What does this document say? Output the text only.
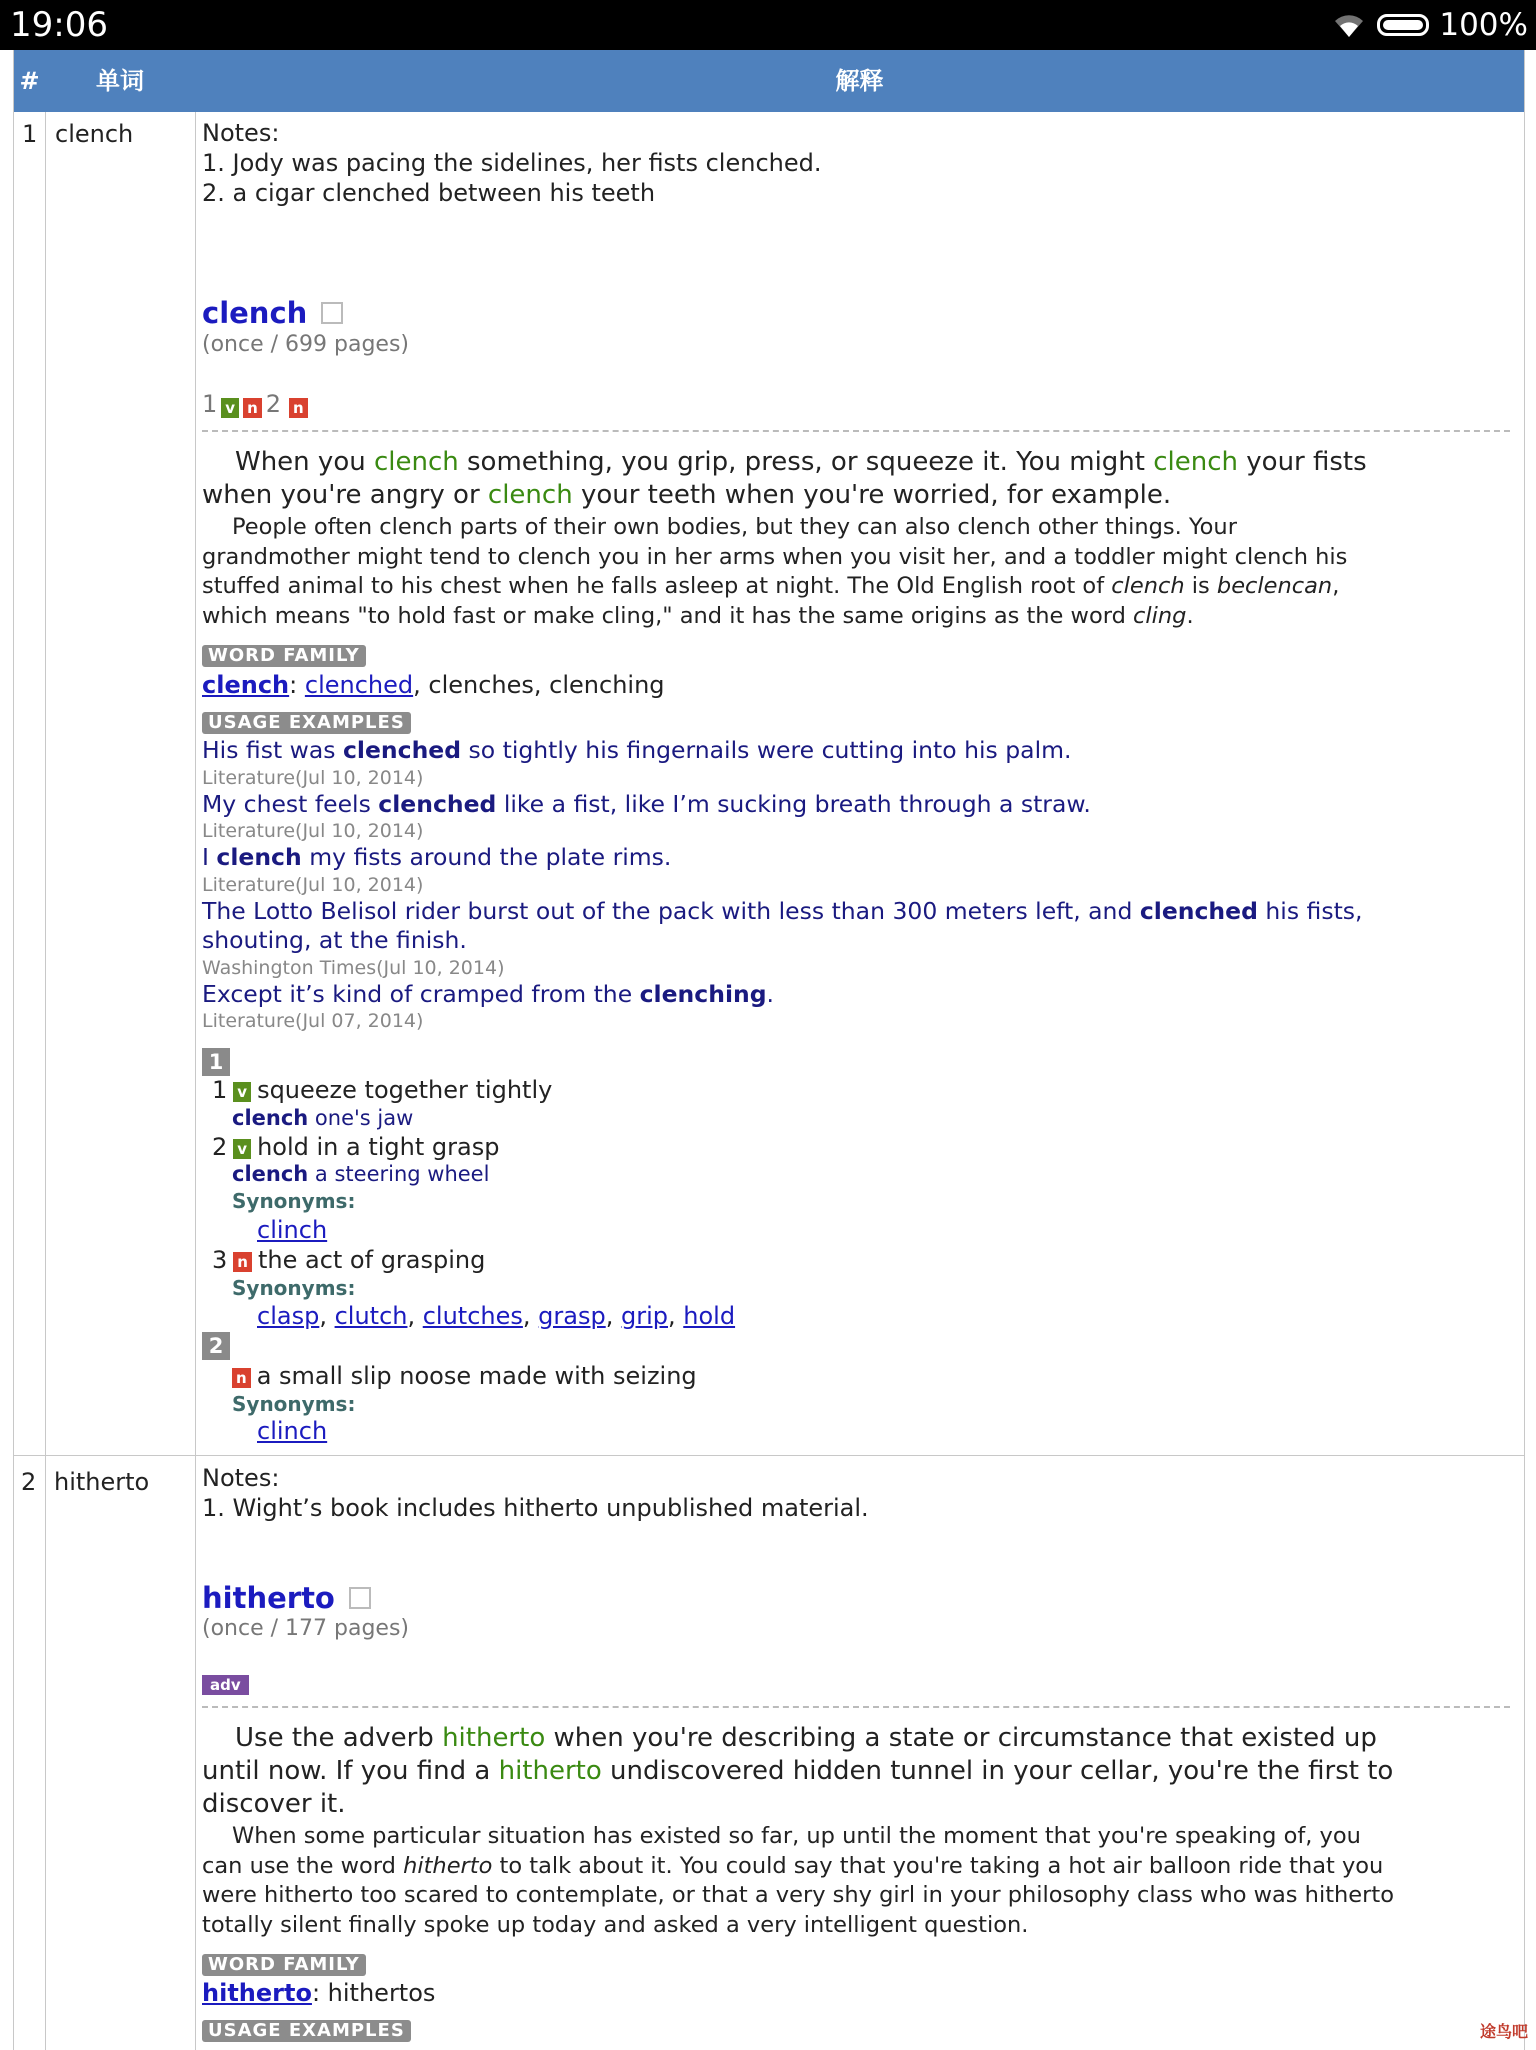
19:06	100%
#	单词	解释
1 clench	Notes:
1. Jody was pacing the sidelines, her fists clenched.
2. a cigar clenched between his teeth
clench
(once / 699 pages)
1 v n 2 n
When you clench something, you grip, press, or squeeze it. You might clench your fists
when you're angry or clench your teeth when you're worried, for example.
People often clench parts of their own bodies, but they can also clench other things. Your
grandmother might tend to clench you in her arms when you visit her, and a toddler might clench his
stuffed animal to his chest when he falls asleep at night. The Old English root of clench is beclencan,
which means "to hold fast or make cling," and it has the same origins as the word cling.
WORD FAMILY
clench: clenched, clenches, clenching
USAGE EXAMPLES
His fist was clenched so tightly his fingernails were cutting into his palm.
Literature(Jul 10, 2014)
My chest feels clenched like a fist, like I’m sucking breath through a straw.
Literature(Jul 10, 2014)
I clench my fists around the plate rims.
Literature(Jul 10, 2014)
The Lotto Belisol rider burst out of the pack with less than 300 meters left, and clenched his fists,
shouting, at the finish.
Washington Times(Jul 10, 2014)
Except it’s kind of cramped from the clenching.
Literature(Jul 07, 2014)
1
1 v squeeze together tightly
clench one's jaw
2 v hold in a tight grasp
clench a steering wheel
Synonyms:
clinch
3 n the act of grasping
Synonyms:
clasp, clutch, clutches, grasp, grip, hold
2
n a small slip noose made with seizing
Synonyms:
clinch
2 hitherto Notes:
1. Wight’s book includes hitherto unpublished material.
hitherto
(once / 177 pages)
adv
Use the adverb hitherto when you're describing a state or circumstance that existed up
until now. If you find a hitherto undiscovered hidden tunnel in your cellar, you're the first to
discover it.
When some particular situation has existed so far, up until the moment that you're speaking of, you
can use the word hitherto to talk about it. You could say that you're taking a hot air balloon ride that you
were hitherto too scared to contemplate, or that a very shy girl in your philosophy class who was hitherto
totally silent finally spoke up today and asked a very intelligent question.
WORD FAMILY
hitherto: hithertos
USAGE EXAMPLES	途鸟吧
